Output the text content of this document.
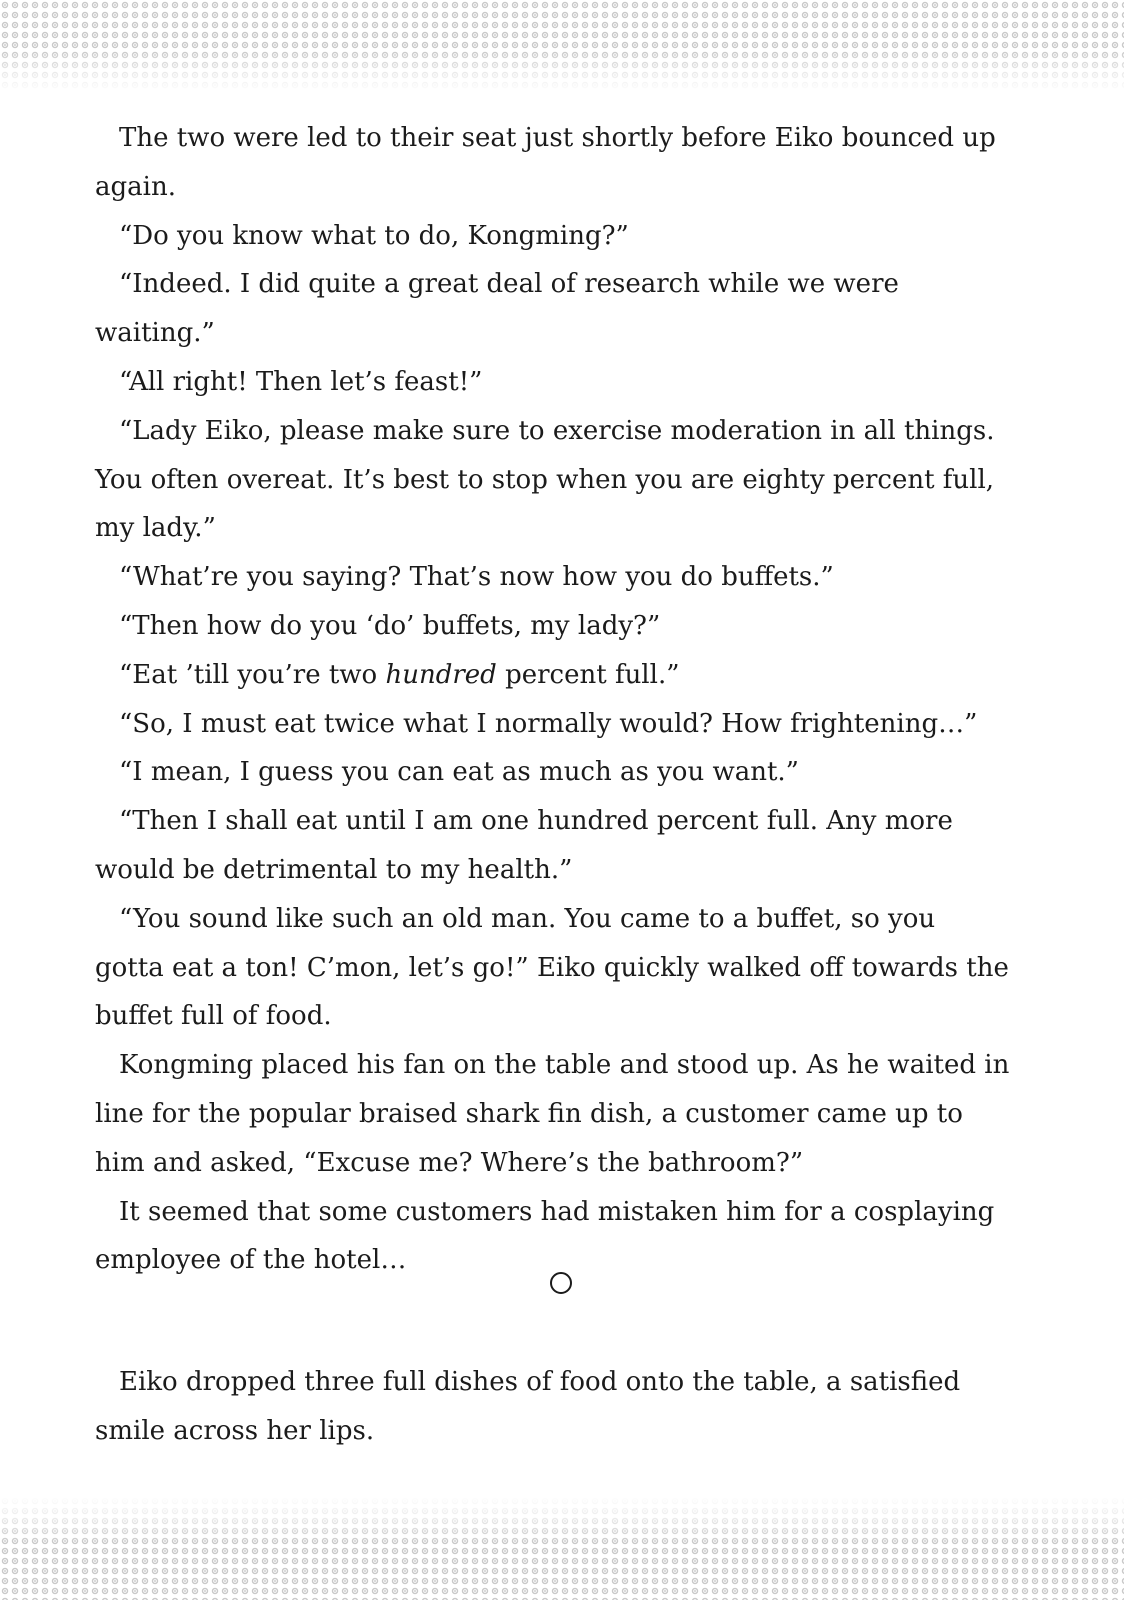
The two were led to their seat just shortly before Eiko bounced up again.

“Do you know what to do, Kongming?”

“Indeed. I did quite a great deal of research while we were waiting.”

“All right! Then let’s feast!”

“Lady Eiko, please make sure to exercise moderation in all things. You often overeat. It’s best to stop when you are eighty percent full, my lady.”

“What’re you saying? That’s now how you do buffets.”

“Then how do you ‘do’ buffets, my lady?”

“Eat ’till you’re two hundred percent full.”

“So, I must eat twice what I normally would? How frightening…”

“I mean, I guess you can eat as much as you want.”

“Then I shall eat until I am one hundred percent full. Any more would be detrimental to my health.”

“You sound like such an old man. You came to a buffet, so you gotta eat a ton! C’mon, let’s go!” Eiko quickly walked off towards the buffet full of food.

Kongming placed his fan on the table and stood up. As he waited in line for the popular braised shark fin dish, a customer came up to him and asked, “Excuse me? Where’s the bathroom?”

It seemed that some customers had mistaken him for a cosplaying employee of the hotel…

Eiko dropped three full dishes of food onto the table, a satisfied smile across her lips.
